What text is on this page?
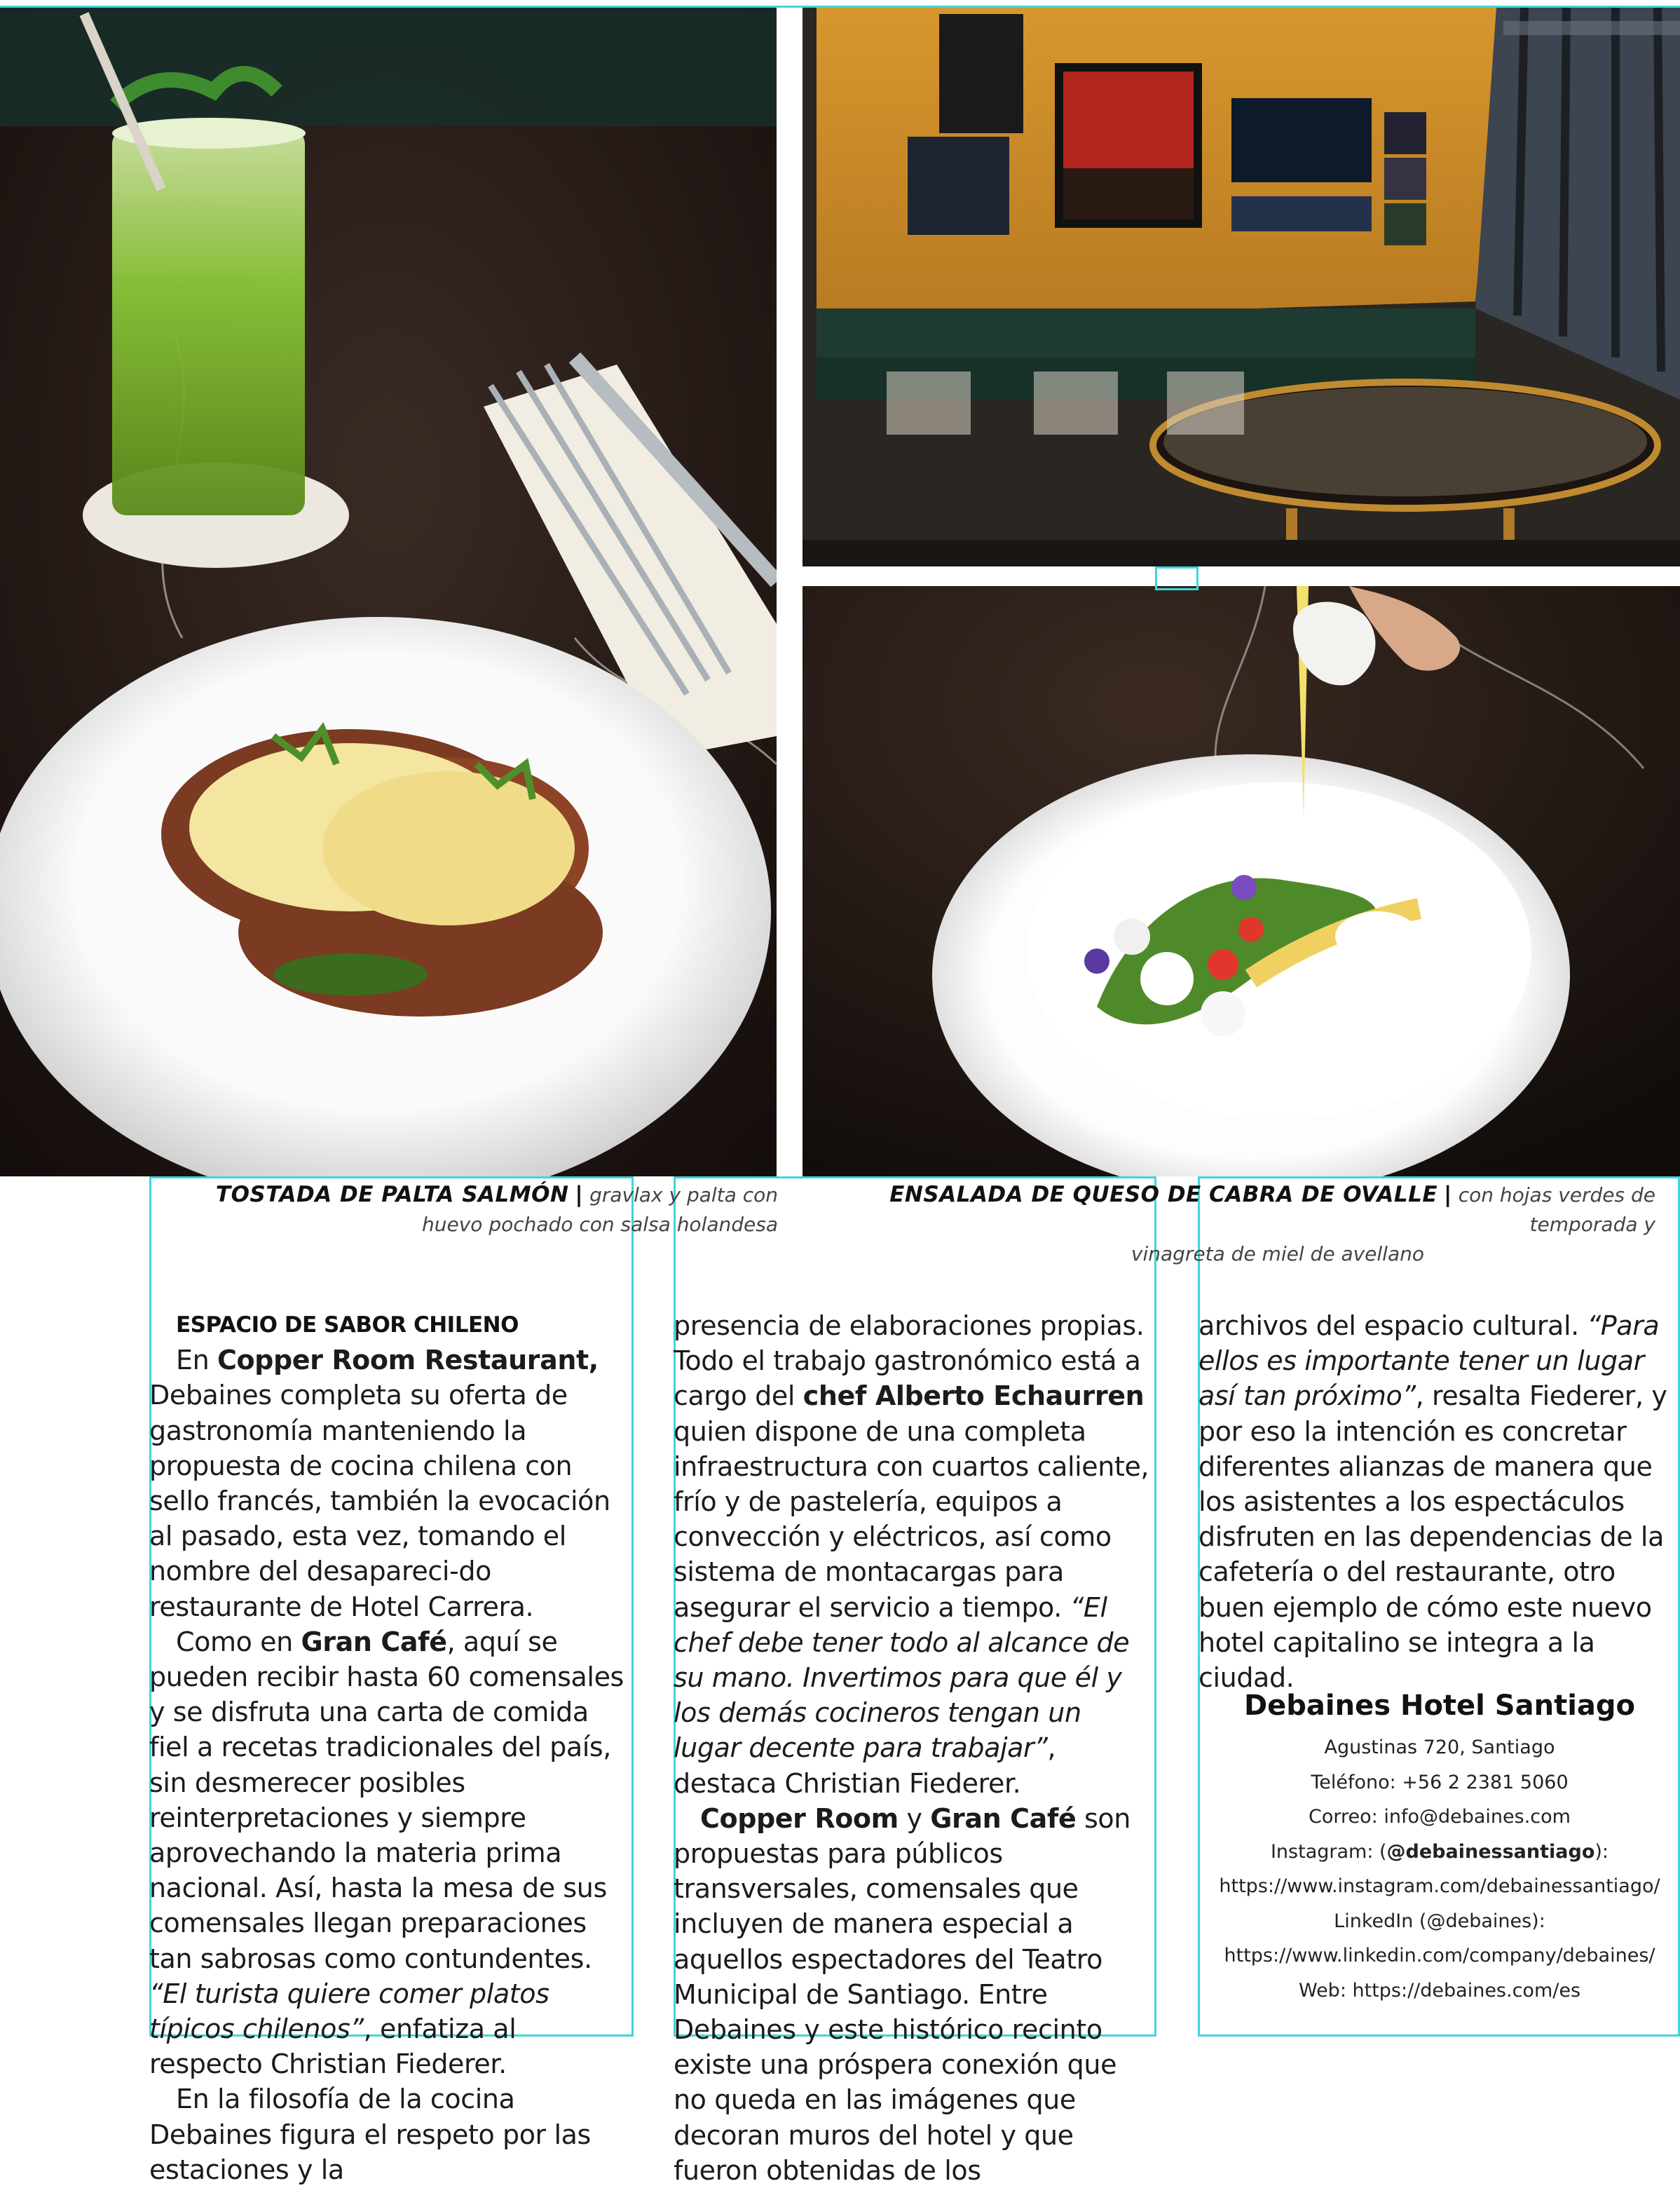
TOSTADA DE PALTA SALMÓN | gravlax y palta con
huevo pochado con salsa holandesa
ENSALADA DE QUESO DE CABRA DE OVALLE | con hojas verdes de temporada y
vinagreta de miel de avellano

ESPACIO DE SABOR CHILENO

En Copper Room Restaurant, Debaines completa su oferta de gastronomía manteniendo la propuesta de cocina chilena con sello francés, también la evocación al pasado, esta vez, tomando el nombre del desapareci-do restaurante de Hotel Carrera.

Como en Gran Café, aquí se pueden recibir hasta 60 comensales y se disfruta una carta de comida fiel a recetas tradicionales del país, sin desmerecer posibles reinterpretaciones y siempre aprovechando la materia prima nacional. Así, hasta la mesa de sus comensales llegan preparaciones tan sabrosas como contundentes. “El turista quiere comer platos típicos chilenos”, enfatiza al respecto Christian Fiederer.

En la filosofía de la cocina Debaines figura el respeto por las estaciones y la

presencia de elaboraciones propias. Todo el trabajo gastronómico está a cargo del chef Alberto Echaurren quien dispone de una completa infraestructura con cuartos caliente, frío y de pastelería, equipos a convección y eléctricos, así como sistema de montacargas para asegurar el servicio a tiempo. “El chef debe tener todo al alcance de su mano. Invertimos para que él y los demás cocineros tengan un lugar decente para trabajar”, destaca Christian Fiederer.

Copper Room y Gran Café son propuestas para públicos transversales, comensales que incluyen de manera especial a aquellos espectadores del Teatro Municipal de Santiago. Entre Debaines y este histórico recinto existe una próspera conexión que no queda en las imágenes que decoran muros del hotel y que fueron obtenidas de los

archivos del espacio cultural. “Para ellos es importante tener un lugar así tan próximo”, resalta Fiederer, y por eso la intención es concretar diferentes alianzas de manera que los asistentes a los espectáculos disfruten en las dependencias de la cafetería o del restaurante, otro buen ejemplo de cómo este nuevo hotel capitalino se integra a la ciudad.

Debaines Hotel Santiago
Agustinas 720, Santiago
Teléfono: +56 2 2381 5060
Correo: info@debaines.com
Instagram: (@debainessantiago):
https://www.instagram.com/debainessantiago/
LinkedIn (@debaines):
https://www.linkedin.com/company/debaines/
Web: https://debaines.com/es
